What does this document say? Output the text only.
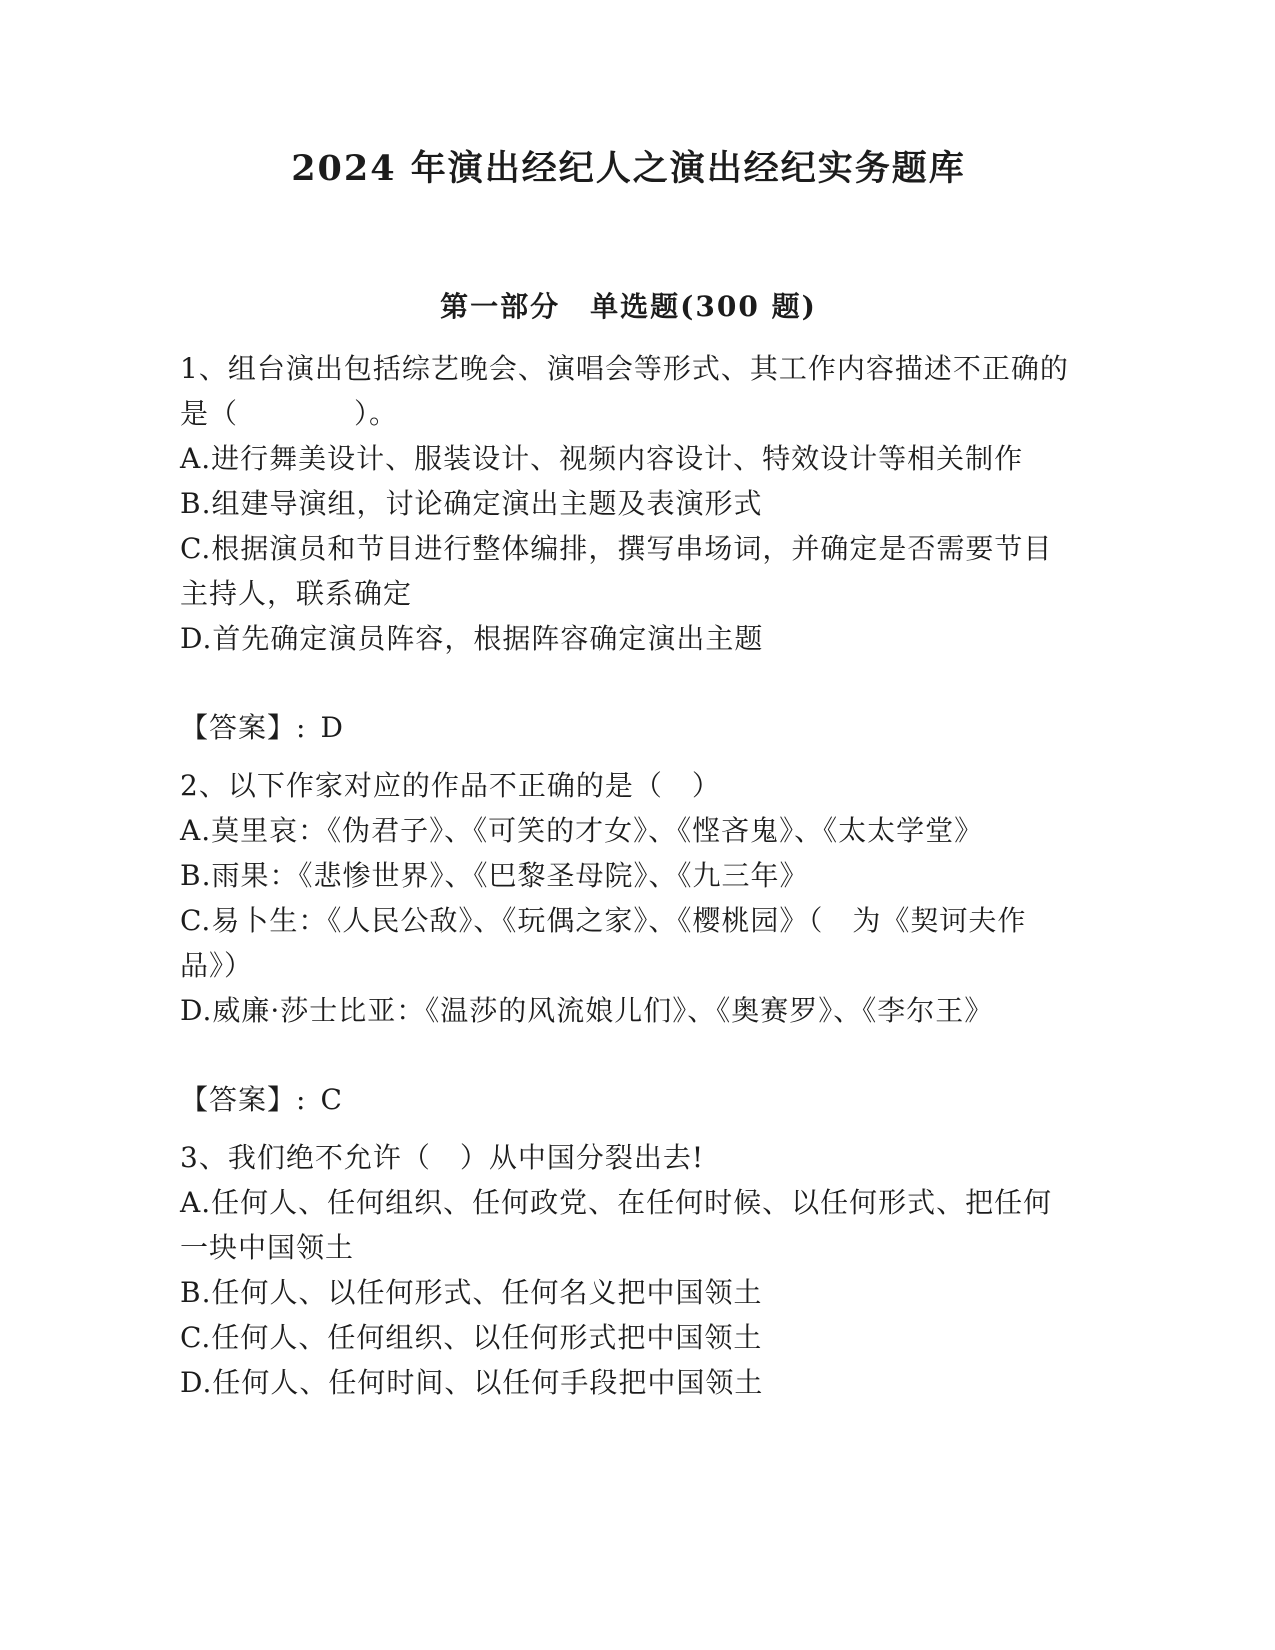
2024 年演出经纪人之演出经纪实务题库
第一部分　单选题(300 题)

1、组台演出包括综艺晚会、演唱会等形式、其工作内容描述不正确的是（　　　　）。

A.进行舞美设计、服装设计、视频内容设计、特效设计等相关制作

B.组建导演组，讨论确定演出主题及表演形式

C.根据演员和节目进行整体编排，撰写串场词，并确定是否需要节目主持人，联系确定

D.首先确定演员阵容，根据阵容确定演出主题

【答案】: D

2、以下作家对应的作品不正确的是（　）

A.莫里哀：《伪君子》、《可笑的才女》、《悭吝鬼》、《太太学堂》

B.雨果：《悲惨世界》、《巴黎圣母院》、《九三年》

C.易卜生：《人民公敌》、《玩偶之家》、《樱桃园》（　为《契诃夫作品》）

D.威廉·莎士比亚：《温莎的风流娘儿们》、《奥赛罗》、《李尔王》

【答案】: C

3、我们绝不允许（　）从中国分裂出去!

A.任何人、任何组织、任何政党、在任何时候、以任何形式、把任何一块中国领土

B.任何人、以任何形式、任何名义把中国领土

C.任何人、任何组织、以任何形式把中国领土

D.任何人、任何时间、以任何手段把中国领土
